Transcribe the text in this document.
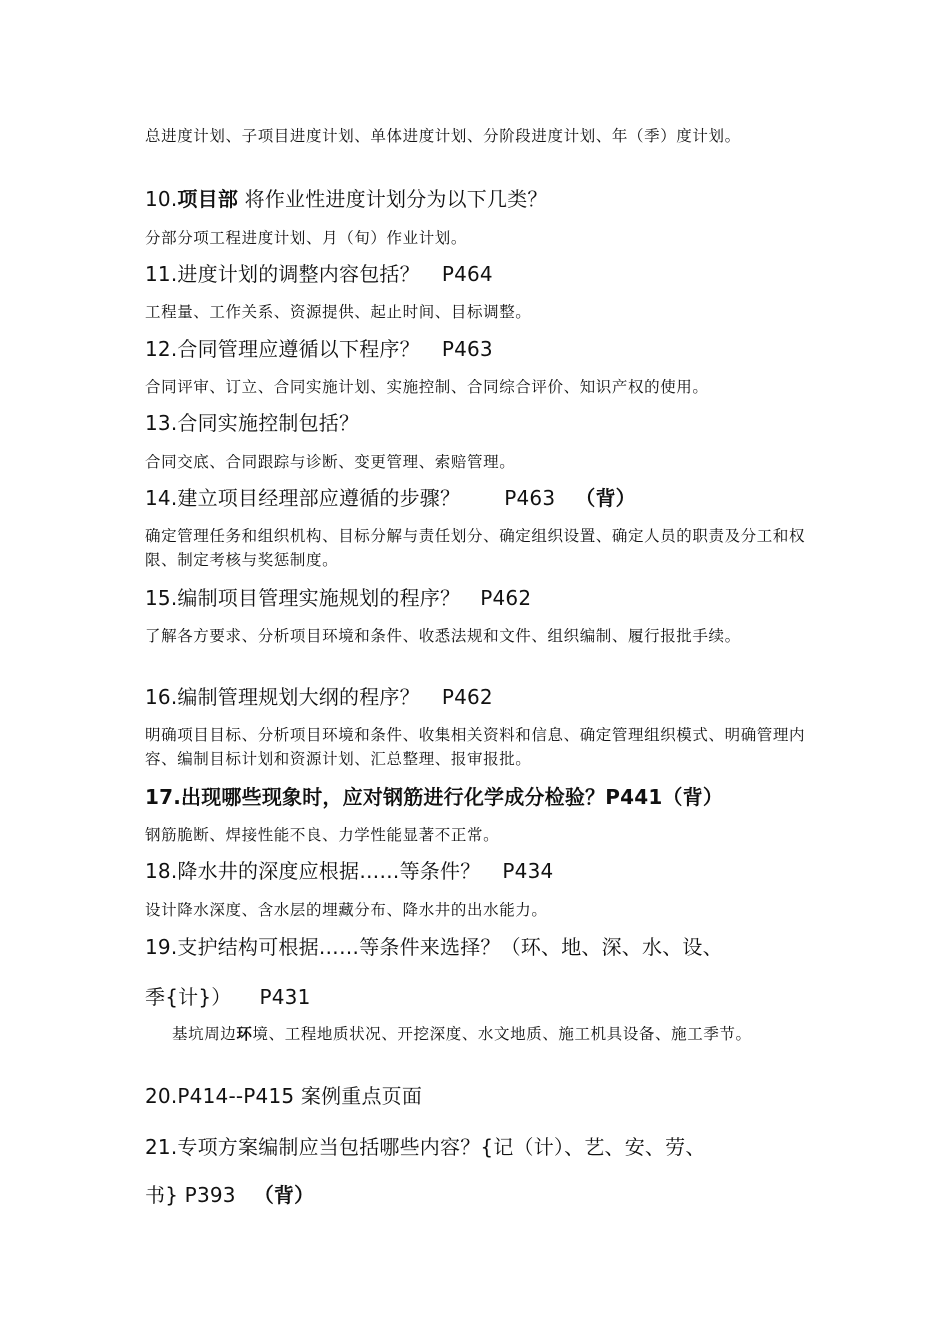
总进度计划、子项目进度计划、单体进度计划、分阶段进度计划、年（季）度计划。
10.项目部 将作业性进度计划分为以下几类？
分部分项工程进度计划、月（旬）作业计划。
11.进度计划的调整内容包括？ P464
工程量、工作关系、资源提供、起止时间、目标调整。
12.合同管理应遵循以下程序？ P463
合同评审、订立、合同实施计划、实施控制、合同综合评价、知识产权的使用。
13.合同实施控制包括？
合同交底、合同跟踪与诊断、变更管理、索赔管理。
14.建立项目经理部应遵循的步骤？ P463 （背）
确定管理任务和组织机构、目标分解与责任划分、确定组织设置、确定人员的职责及分工和权限、制定考核与奖惩制度。
15.编制项目管理实施规划的程序？ P462
了解各方要求、分析项目环境和条件、收悉法规和文件、组织编制、履行报批手续。
16.编制管理规划大纲的程序？ P462
明确项目目标、分析项目环境和条件、收集相关资料和信息、确定管理组织模式、明确管理内容、编制目标计划和资源计划、汇总整理、报审报批。
17.出现哪些现象时，应对钢筋进行化学成分检验？P441（背）
钢筋脆断、焊接性能不良、力学性能显著不正常。
18.降水井的深度应根据……等条件？ P434
设计降水深度、含水层的埋藏分布、降水井的出水能力。
19.支护结构可根据……等条件来选择？（环、地、深、水、设、
季{计}） P431
基坑周边环境、工程地质状况、开挖深度、水文地质、施工机具设备、施工季节。
20.P414--P415 案例重点页面
21.专项方案编制应当包括哪些内容？{记（计）、艺、安、劳、
书} P393 （背）
